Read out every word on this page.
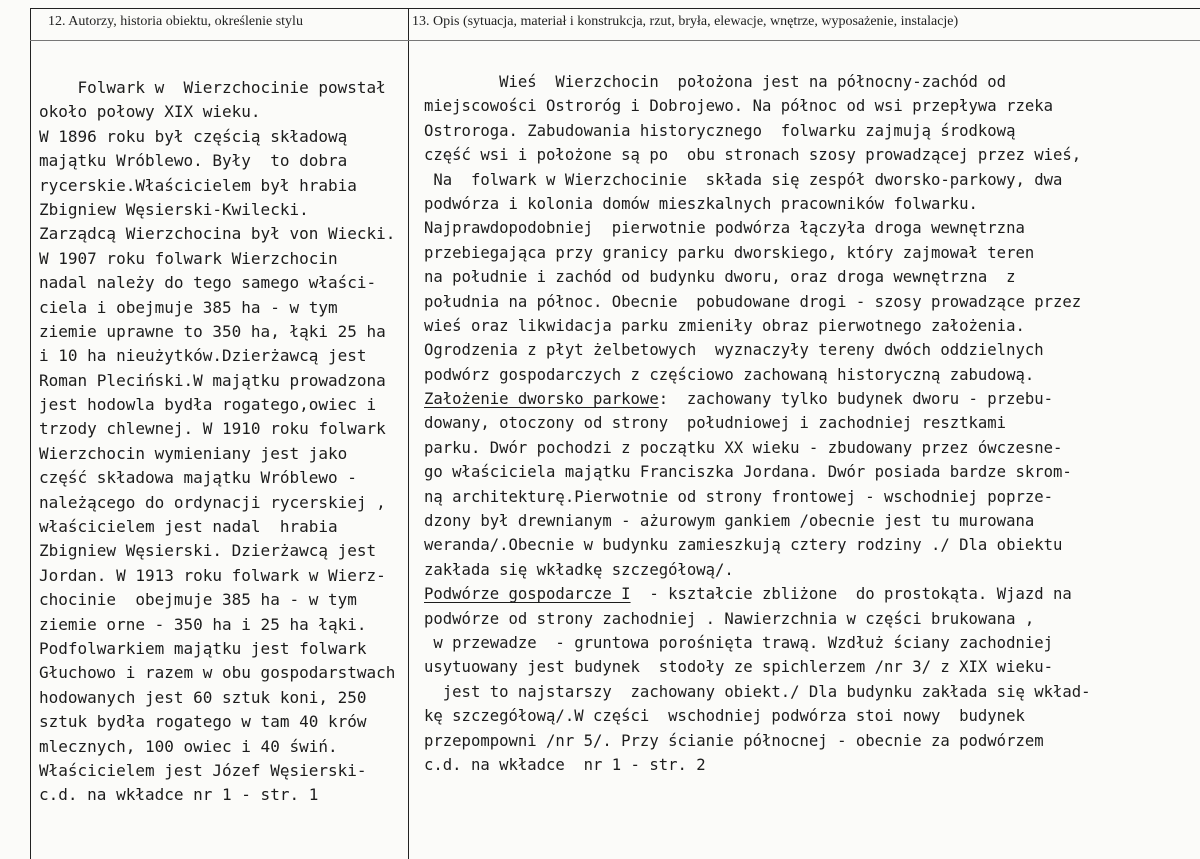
12. Autorzy, historia obiektu, określenie stylu	13. Opis (sytuacja, materiał i konstrukcja, rzut, bryła, elewacje, wnętrze, wyposażenie, instalacje)
Folwark w  Wierzchocinie powstał
około połowy XIX wieku.
W 1896 roku był częścią składową
majątku Wróblewo. Były  to dobra
rycerskie.Właścicielem był hrabia
Zbigniew Węsierski-Kwilecki.
Zarządcą Wierzchocina był von Wiecki.
W 1907 roku folwark Wierzchocin
nadal należy do tego samego właści-
ciela i obejmuje 385 ha - w tym
ziemie uprawne to 350 ha, łąki 25 ha
i 10 ha nieużytków.Dzierżawcą jest
Roman Pleciński.W majątku prowadzona
jest hodowla bydła rogatego,owiec i
trzody chlewnej. W 1910 roku folwark
Wierzchocin wymieniany jest jako
część składowa majątku Wróblewo -
należącego do ordynacji rycerskiej ,
właścicielem jest nadal  hrabia
Zbigniew Węsierski. Dzierżawcą jest
Jordan. W 1913 roku folwark w Wierz-
chocinie  obejmuje 385 ha - w tym
ziemie orne - 350 ha i 25 ha łąki.
Podfolwarkiem majątku jest folwark
Głuchowo i razem w obu gospodarstwach
hodowanych jest 60 sztuk koni, 250
sztuk bydła rogatego w tam 40 krów
mlecznych, 100 owiec i 40 świń.
Właścicielem jest Józef Węsierski-
c.d. na wkładce nr 1 - str. 1
Wieś  Wierzchocin  położona jest na północny-zachód od
miejscowości Ostroróg i Dobrojewo. Na północ od wsi przepływa rzeka
Ostroroga. Zabudowania historycznego  folwarku zajmują środkową
część wsi i położone są po  obu stronach szosy prowadzącej przez wieś,
Na  folwark w Wierzchocinie  składa się zespół dworsko-parkowy, dwa
podwórza i kolonia domów mieszkalnych pracowników folwarku.
Najprawdopodobniej  pierwotnie podwórza łączyła droga wewnętrzna
przebiegająca przy granicy parku dworskiego, który zajmował teren
na południe i zachód od budynku dworu, oraz droga wewnętrzna  z
południa na północ. Obecnie  pobudowane drogi - szosy prowadzące przez
wieś oraz likwidacja parku zmieniły obraz pierwotnego założenia.
Ogrodzenia z płyt żelbetowych  wyznaczyły tereny dwóch oddzielnych
podwórz gospodarczych z częściowo zachowaną historyczną zabudową.
Założenie dworsko parkowe:  zachowany tylko budynek dworu - przebu-
dowany, otoczony od strony  południowej i zachodniej resztkami
parku. Dwór pochodzi z początku XX wieku - zbudowany przez ówczesne-
go właściciela majątku Franciszka Jordana. Dwór posiada bardze skrom-
ną architekturę.Pierwotnie od strony frontowej - wschodniej poprze-
dzony był drewnianym - ażurowym gankiem /obecnie jest tu murowana
weranda/.Obecnie w budynku zamieszkują cztery rodziny ./ Dla obiektu
zakłada się wkładkę szczegółową/.
Podwórze gospodarcze I  - kształcie zbliżone  do prostokąta. Wjazd na
podwórze od strony zachodniej . Nawierzchnia w części brukowana ,
w przewadze  - gruntowa porośnięta trawą. Wzdłuż ściany zachodniej
usytuowany jest budynek  stodoły ze spichlerzem /nr 3/ z XIX wieku-
jest to najstarszy  zachowany obiekt./ Dla budynku zakłada się wkład-
kę szczegółową/.W części  wschodniej podwórza stoi nowy  budynek
przepompowni /nr 5/. Przy ścianie północnej - obecnie za podwórzem
c.d. na wkładce  nr 1 - str. 2
